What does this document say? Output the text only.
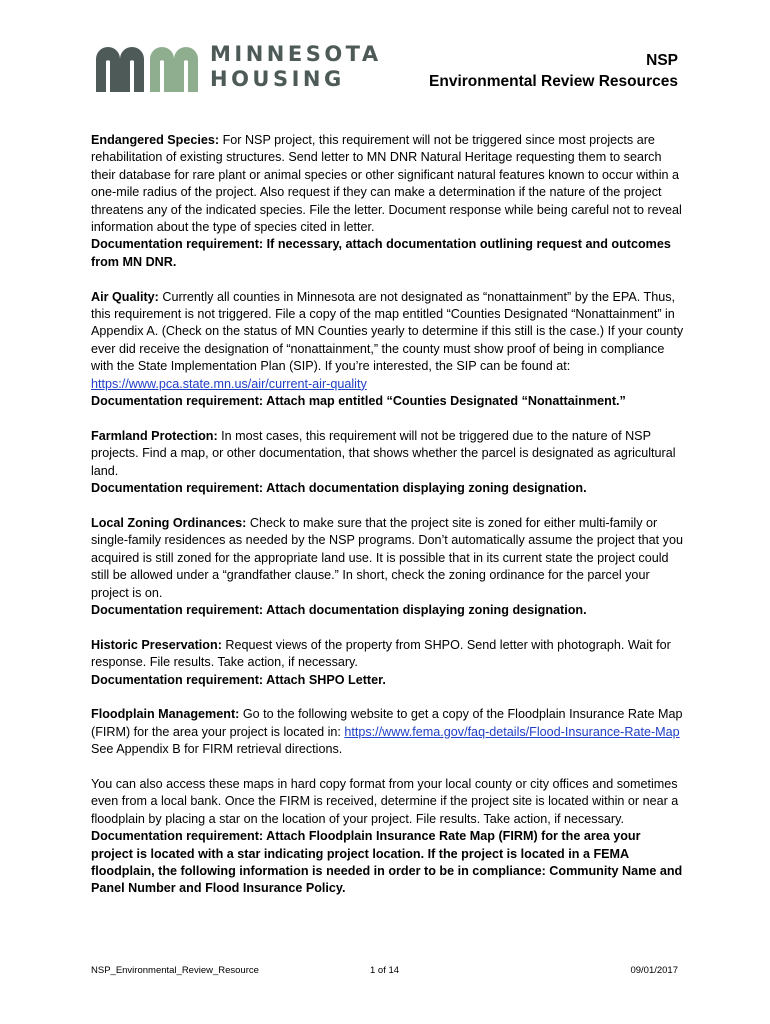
MINNESOTA
HOUSING
NSP
Environmental Review Resources

Endangered Species: For NSP project, this requirement will not be triggered since most projects are rehabilitation of existing structures. Send letter to MN DNR Natural Heritage requesting them to search their database for rare plant or animal species or other significant natural features known to occur within a one-mile radius of the project. Also request if they can make a determination if the nature of the project threatens any of the indicated species. File the letter. Document response while being careful not to reveal information about the type of species cited in letter.

Documentation requirement: If necessary, attach documentation outlining request and outcomes from MN DNR.

Air Quality: Currently all counties in Minnesota are not designated as “nonattainment” by the EPA. Thus, this requirement is not triggered. File a copy of the map entitled “Counties Designated “Nonattainment” in Appendix A. (Check on the status of MN Counties yearly to determine if this still is the case.) If your county ever did receive the designation of “nonattainment,” the county must show proof of being in compliance with the State Implementation Plan (SIP). If you’re interested, the SIP can be found at: https://www.pca.state.mn.us/air/current-air-quality

Documentation requirement: Attach map entitled “Counties Designated “Nonattainment.”

Farmland Protection: In most cases, this requirement will not be triggered due to the nature of NSP projects. Find a map, or other documentation, that shows whether the parcel is designated as agricultural land.

Documentation requirement: Attach documentation displaying zoning designation.

Local Zoning Ordinances: Check to make sure that the project site is zoned for either multi-family or single-family residences as needed by the NSP programs. Don’t automatically assume the project that you acquired is still zoned for the appropriate land use. It is possible that in its current state the project could still be allowed under a “grandfather clause.” In short, check the zoning ordinance for the parcel your project is on.

Documentation requirement: Attach documentation displaying zoning designation.

Historic Preservation: Request views of the property from SHPO. Send letter with photograph. Wait for response. File results. Take action, if necessary.

Documentation requirement: Attach SHPO Letter.

Floodplain Management: Go to the following website to get a copy of the Floodplain Insurance Rate Map (FIRM) for the area your project is located in: https://www.fema.gov/faq-details/Flood-Insurance-Rate-Map

See Appendix B for FIRM retrieval directions.

You can also access these maps in hard copy format from your local county or city offices and sometimes even from a local bank. Once the FIRM is received, determine if the project site is located within or near a floodplain by placing a star on the location of your project. File results. Take action, if necessary.

Documentation requirement: Attach Floodplain Insurance Rate Map (FIRM) for the area your project is located with a star indicating project location. If the project is located in a FEMA floodplain, the following information is needed in order to be in compliance: Community Name and Panel Number and Flood Insurance Policy.

NSP_Environmental_Review_Resource	1 of 14	09/01/2017
